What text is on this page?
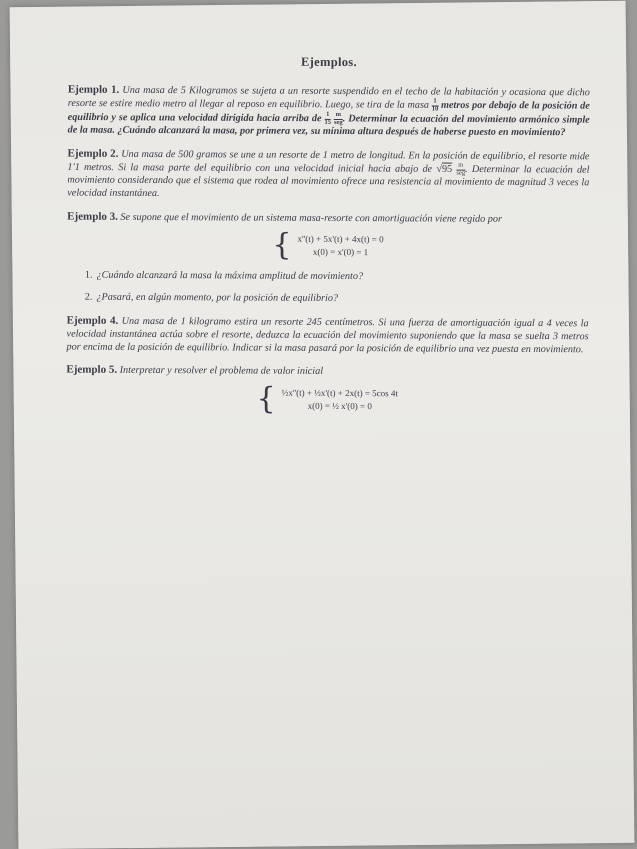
Ejemplos.

Ejemplo 1. Una masa de 5 Kilogramos se sujeta a un resorte suspendido en el techo de la habitación y ocasiona que dicho resorte se estire medio metro al llegar al reposo en equilibrio. Luego, se tira de la masa $\frac{1}{10}$ metros por debajo de la posición de equilibrio y se aplica una velocidad dirigida hacia arriba de $\frac{1}{15}$
$\frac{m}{\text{seg}}$ . Determinar la ecuación del movimiento armónico simple de la masa. ¿Cuándo alcanzará la masa, por primera vez, su mínima altura después de haberse puesto en movimiento?

Ejemplo 2. Una masa de 500 gramos se une a un resorte de 1 metro de longitud. En la posición de equilibrio, el resorte mide 1'1 metros. Si la masa parte del equilibrio con una velocidad inicial hacia abajo de $√95 \frac{m}{\text{seg}}$ . Determinar la ecuación del movimiento considerando que el sistema que rodea al movimiento ofrece una resistencia al movimiento de magnitud 3 veces la velocidad instantánea.

Ejemplo 3. Se supone que el movimiento de un sistema masa-resorte con amortiguación viene regido por

{ x''(t) + 5x'(t) + 4x(t) = 0
x(0) = x'(0) = 1

1. ¿Cuándo alcanzará la masa la máxima amplitud de movimiento?

2. ¿Pasará, en algún momento, por la posición de equilibrio?

Ejemplo 4. Una masa de 1 kilogramo estira un resorte 245 centímetros. Si una fuerza de amortiguación igual a 4 veces la velocidad instantánea actúa sobre el resorte, deduzca la ecuación del movimiento suponiendo que la masa se suelta 3 metros por encima de la posición de equilibrio. Indicar si la masa pasará por la posición de equilibrio una vez puesta en movimiento.

Ejemplo 5. Interpretar y resolver el problema de valor inicial

{ ½x''(t) + ½x'(t) + 2x(t) = 5cos 4t
x(0) = ½ x'(0) = 0
